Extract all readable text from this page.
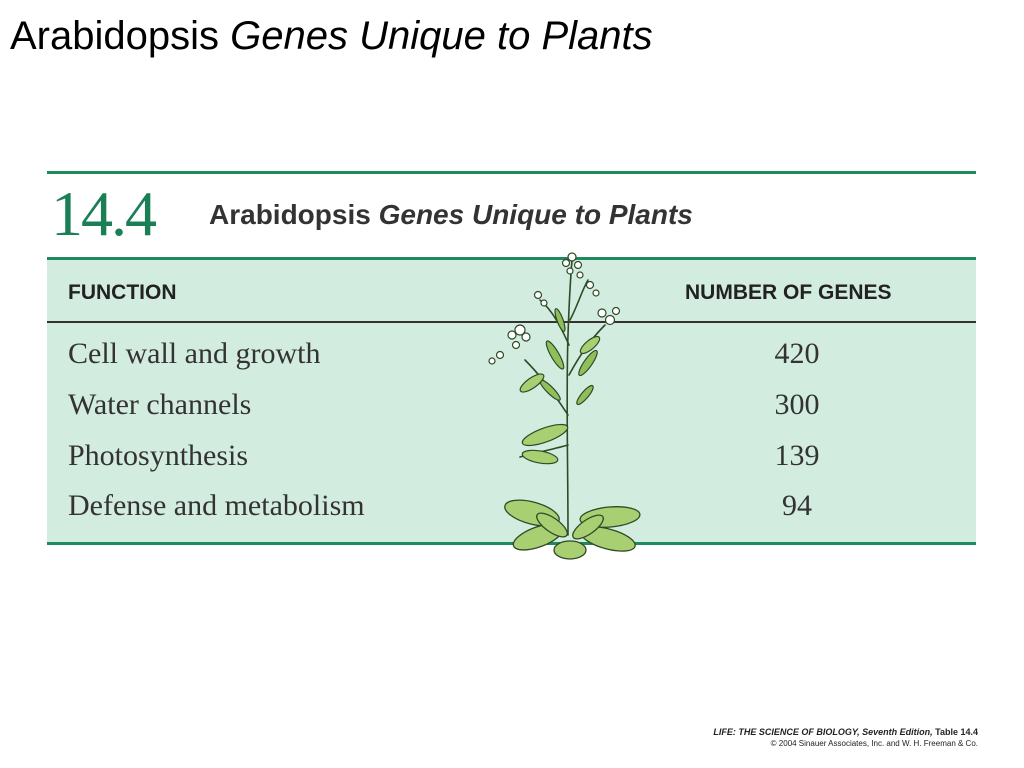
Arabidopsis Genes Unique to Plants
14.4 Arabidopsis Genes Unique to Plants
FUNCTION	NUMBER OF GENES
Cell wall and growth	420
Water channels	300
Photosynthesis	139
Defense and metabolism	94
LIFE: THE SCIENCE OF BIOLOGY, Seventh Edition, Table 14.4
© 2004 Sinauer Associates, Inc. and W. H. Freeman & Co.
